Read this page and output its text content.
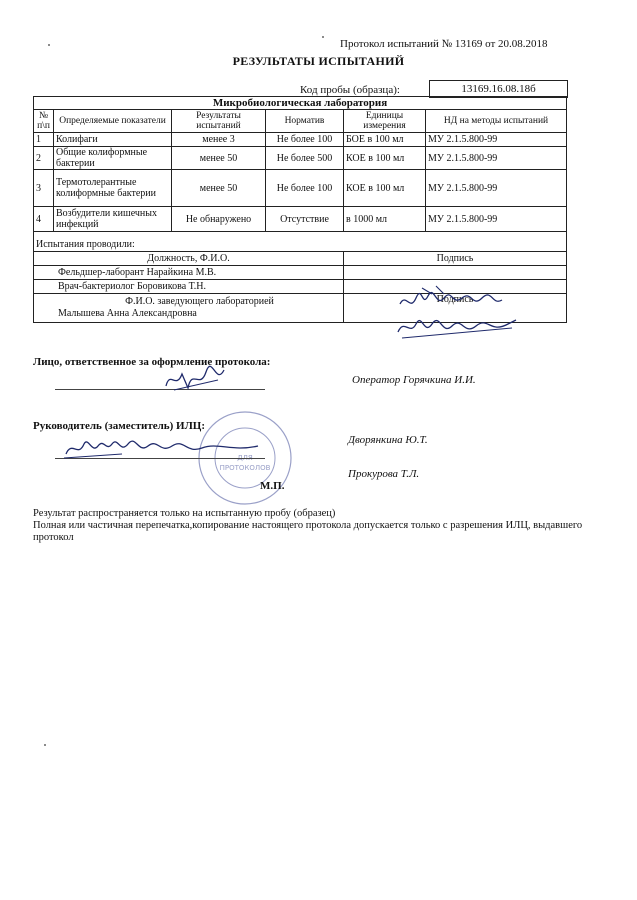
Протокол испытаний № 13169 от 20.08.2018
РЕЗУЛЬТАТЫ ИСПЫТАНИЙ
Код пробы (образца):	13169.16.08.18б
Микробиологическая лаборатория					
№ п\п	Определяемые показатели	Результаты испытаний	Норматив	Единицы измерения	НД на методы испытаний
1	Колифаги	менее 3	Не более 100	БОЕ в 100 мл	МУ 2.1.5.800-99
2	Общие колиформные бактерии	менее 50	Не более 500	КОЕ в 100 мл	МУ 2.1.5.800-99
3	Термотолерантные колиформные бактерии	менее 50	Не более 100	КОЕ в 100 мл	МУ 2.1.5.800-99
4	Возбудители кишечных инфекций	Не обнаружено	Отсутствие	в 1000 мл	МУ 2.1.5.800-99

Испытания проводили:					
Должность, Ф.И.О.				Подпись	
Фельдшер-лаборант Нарайкина М.В.					
Врач-бактериолог Боровикова Т.Н.					

Ф.И.О. заведующего лабораторией
Малышева Анна Александровна				Подпись	
Лицо, ответственное за оформление протокола:
Оператор Горячкина И.И.
ДЛЯ
ПРОТОКОЛОВ
Руководитель (заместитель) ИЛЦ:
Дворянкина Ю.Т.
Прокурова Т.Л.
М.П.
Результат распространяется только на испытанную пробу (образец)
Полная или частичная перепечатка,копирование настоящего протокола допускается только с разрешения ИЛЦ, выдавшего протокол
